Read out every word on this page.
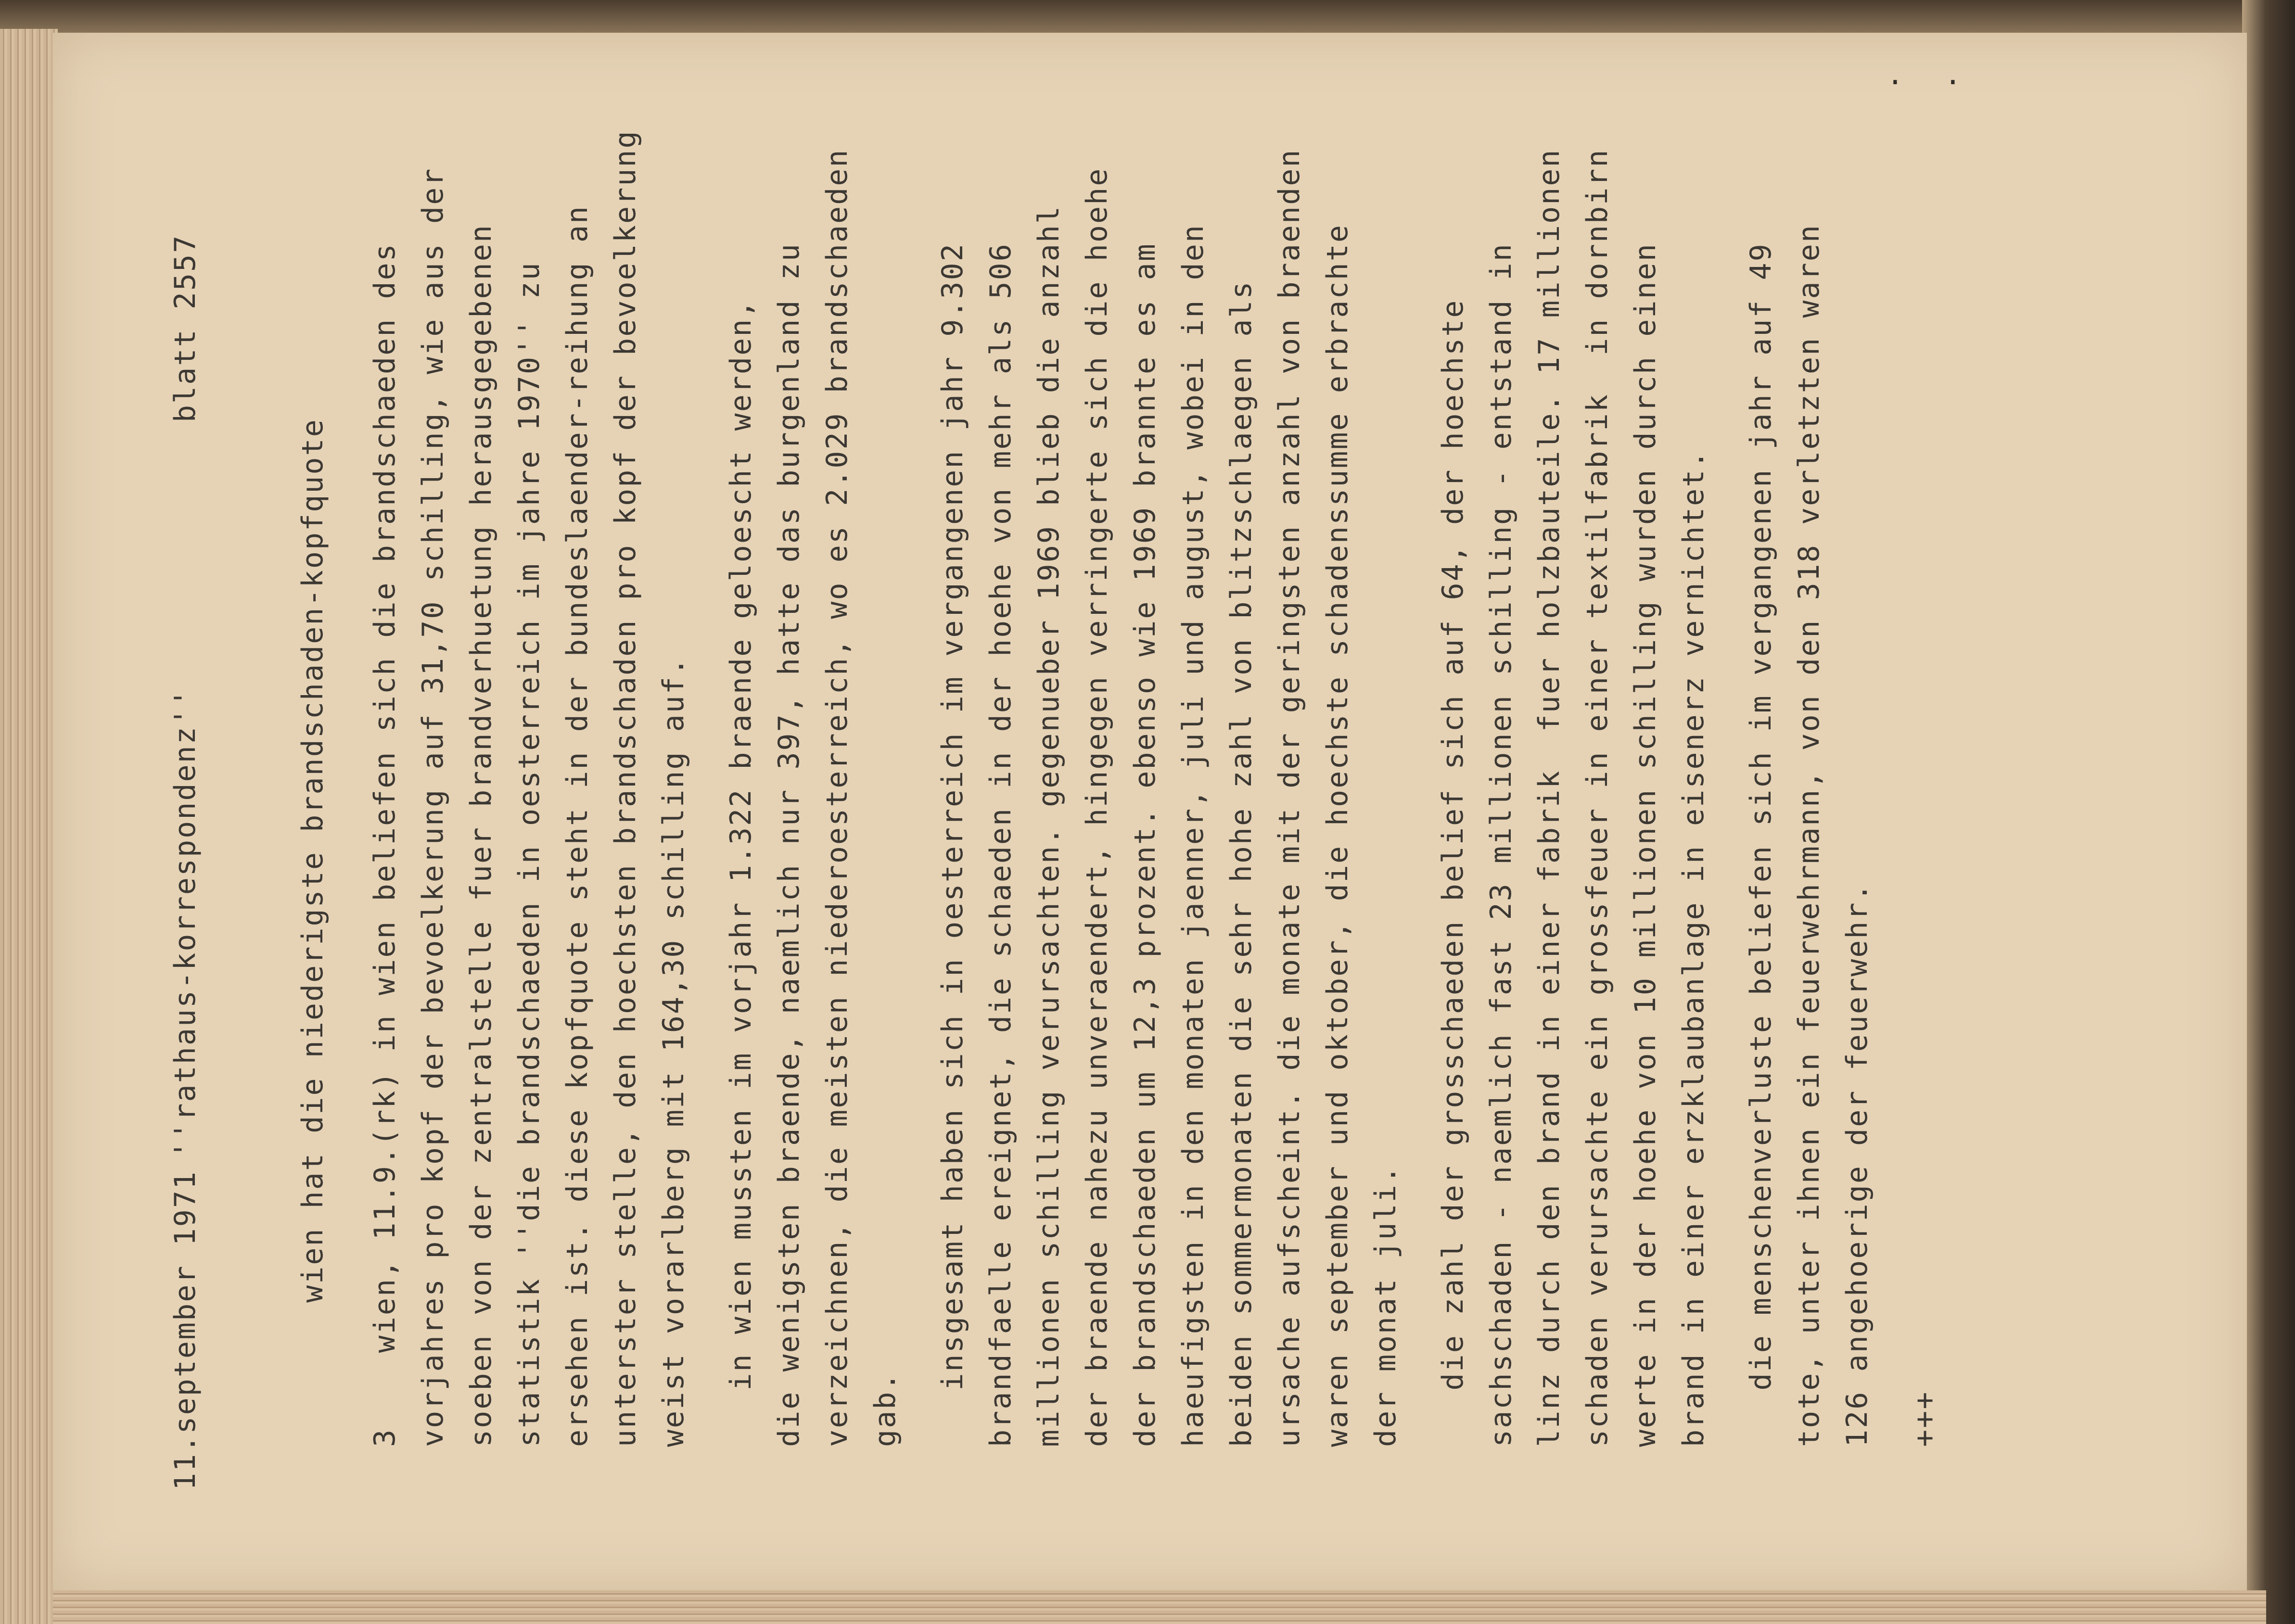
11.september 1971
''rathaus-korrespondenz''
blatt 2557
wien hat die niederigste brandschaden-kopfquote 3    wien, 11.9.(rk) in wien beliefen sich die brandschaeden des vorjahres pro kopf der bevoelkerung auf 31,70 schilling, wie aus der soeben von der zentralstelle fuer brandverhuetung herausgegebenen statistik ''die brandschaeden in oesterreich im jahre 1970'' zu ersehen ist. diese kopfquote steht in der bundeslaender-reihung an unterster stelle, den hoechsten brandschaden pro kopf der bevoelkerung weist vorarlberg mit 164,30 schilling auf. in wien mussten im vorjahr 1.322 braende geloescht werden, die wenigsten braende, naemlich nur 397, hatte das burgenland zu verzeichnen, die meisten niederoesterreich, wo es 2.029 brandschaeden gab. insgesamt haben sich in oesterreich im vergangenen jahr 9.302 brandfaelle ereignet, die schaeden in der hoehe von mehr als 506 millionen schilling verursachten. gegenueber 1969 blieb die anzahl der braende nahezu unveraendert, hingegen verringerte sich die hoehe der brandschaeden um 12,3 prozent. ebenso wie 1969 brannte es am haeufigsten in den monaten jaenner, juli und august, wobei in den beiden sommermonaten die sehr hohe zahl von blitzschlaegen als ursache aufscheint. die monate mit der geringsten anzahl von braenden waren september und oktober, die hoechste schadenssumme erbrachte der monat juli. die zahl der grosschaeden belief sich auf 64, der hoechste sachschaden - naemlich fast 23 millionen schilling - entstand in linz durch den brand in einer fabrik  fuer holzbauteile. 17 millionen schaden verursachte ein grossfeuer in einer textilfabrik  in dornbirn werte in der hoehe von 10 millionen schilling wurden durch einen brand in einer erzklaubanlage in eisenerz vernichtet. die menschenverluste beliefen sich im vergangenen jahr auf 49 tote, unter ihnen ein feuerwehrmann, von den 318 verletzten waren 126 angehoerige der feuerwehr. +++
· ·
